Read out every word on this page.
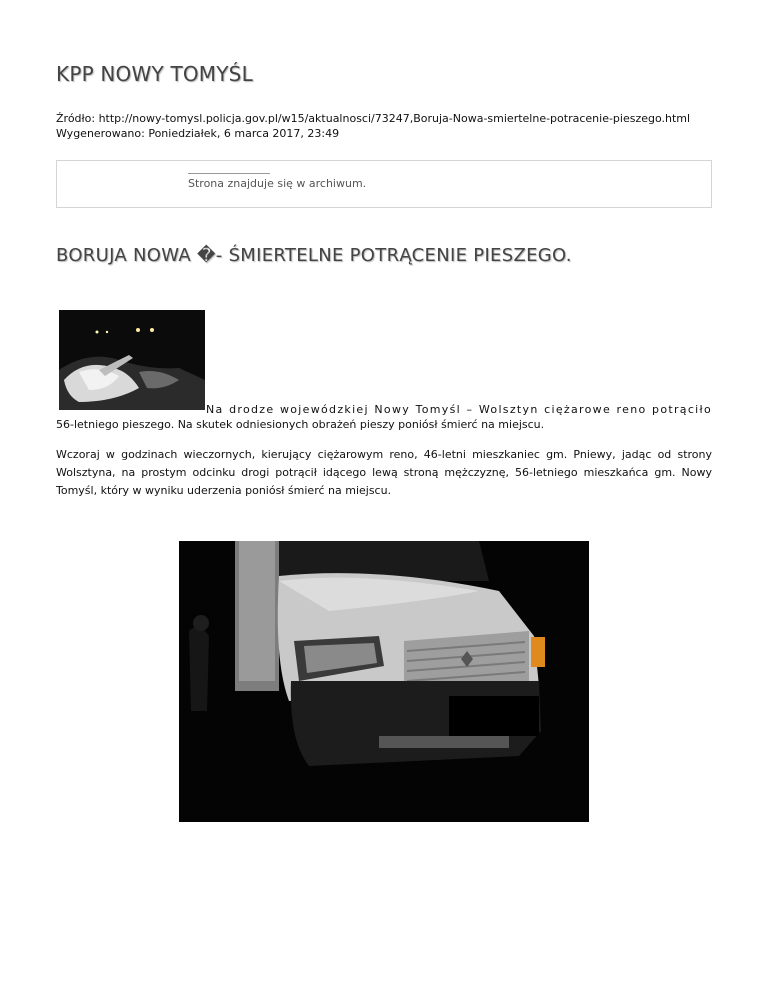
KPP NOWY TOMYŚL
Źródło: http://nowy-tomysl.policja.gov.pl/w15/aktualnosci/73247,Boruja-Nowa-smiertelne-potracenie-pieszego.html
Wygenerowano: Poniedziałek, 6 marca 2017, 23:49
Strona znajduje się w archiwum.
BORUJA NOWA �- ŚMIERTELNE POTRĄCENIE PIESZEGO.

Na drodze wojewódzkiej Nowy Tomyśl – Wolsztyn ciężarowe reno potrąciło 56-letniego pieszego. Na skutek odniesionych obrażeń pieszy poniósł śmierć na miejscu.

Wczoraj w godzinach wieczornych, kierujący ciężarowym reno, 46-letni mieszkaniec gm. Pniewy, jadąc od strony Wolsztyna, na prostym odcinku drogi potrącił idącego lewą stroną mężczyznę, 56-letniego mieszkańca gm. Nowy Tomyśl, który w wyniku uderzenia poniósł śmierć na miejscu.
